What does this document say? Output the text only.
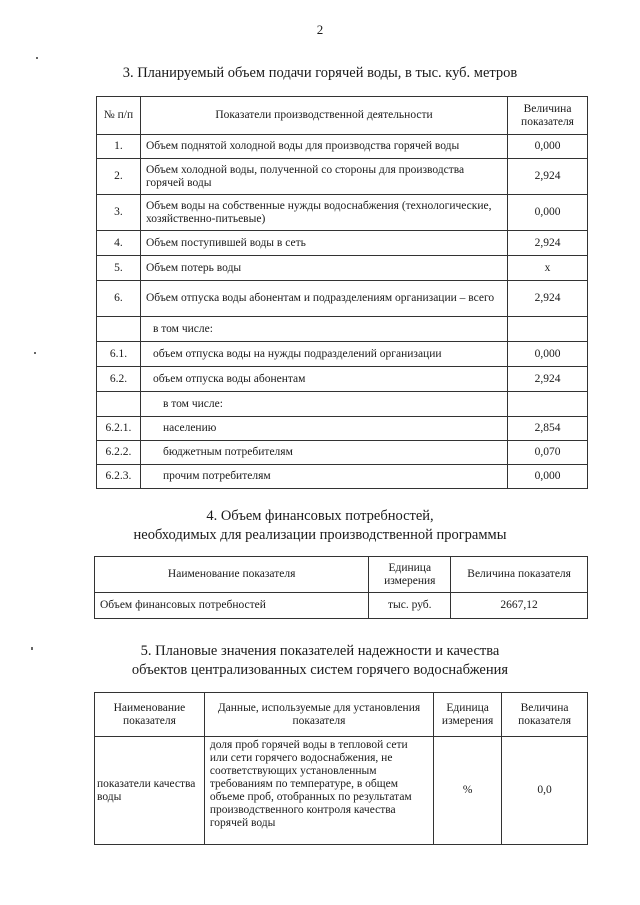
2
3. Планируемый объем подачи горячей воды, в тыс. куб. метров
№ п/п	Показатели производственной деятельности	Величина показателя
1.	Объем поднятой холодной воды для производства горячей воды	0,000
2.	Объем холодной воды, полученной со стороны для производства горячей воды	2,924
3.	Объем воды на собственные нужды водоснабжения (технологические, хозяйственно-питьевые)	0,000
4.	Объем поступившей воды в сеть	2,924
5.	Объем потерь воды	х
6.	Объем отпуска воды абонентам и подразделениям организации – всего	2,924
	в том числе:	
6.1.	объем отпуска воды на нужды подразделений организации	0,000
6.2.	объем отпуска воды абонентам	2,924
	в том числе:	
6.2.1.	населению	2,854
6.2.2.	бюджетным потребителям	0,070
6.2.3.	прочим потребителям	0,000
4. Объем финансовых потребностей,
необходимых для реализации производственной программы
Наименование показателя	Единица измерения	Величина показателя
Объем финансовых потребностей	тыс. руб.	2667,12
5. Плановые значения показателей надежности и качества
объектов централизованных систем горячего водоснабжения
Наименование показателя	Данные, используемые для установления показателя	Единица измерения	Величина показателя
показатели качества воды	доля проб горячей воды в тепловой сети или сети горячего водоснабжения, не соответствующих установленным требованиям по температуре, в общем объеме проб, отобранных по результатам производственного контроля качества горячей воды	%	0,0
